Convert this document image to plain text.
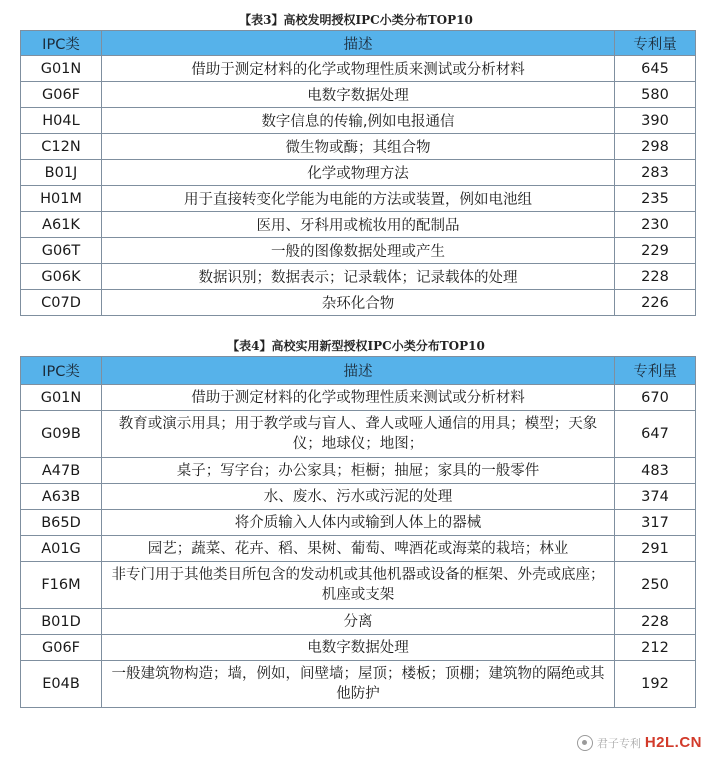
【表3】高校发明授权IPC小类分布TOP10
IPC类	描述	专利量
G01N	借助于测定材料的化学或物理性质来测试或分析材料	645
G06F	电数字数据处理	580
H04L	数字信息的传输,例如电报通信	390
C12N	微生物或酶；其组合物	298
B01J	化学或物理方法	283
H01M	用于直接转变化学能为电能的方法或装置，例如电池组	235
A61K	医用、牙科用或梳妆用的配制品	230
G06T	一般的图像数据处理或产生	229
G06K	数据识别；数据表示；记录载体；记录载体的处理	228
C07D	杂环化合物	226
【表4】高校实用新型授权IPC小类分布TOP10
IPC类	描述	专利量
G01N	借助于测定材料的化学或物理性质来测试或分析材料	670
G09B	教育或演示用具；用于教学或与盲人、聋人或哑人通信的用具；模型；天象仪；地球仪；地图；	647
A47B	桌子；写字台；办公家具；柜橱；抽屉；家具的一般零件	483
A63B	水、废水、污水或污泥的处理	374
B65D	将介质输入人体内或输到人体上的器械	317
A01G	园艺；蔬菜、花卉、稻、果树、葡萄、啤酒花或海菜的栽培；林业	291
F16M	非专门用于其他类目所包含的发动机或其他机器或设备的框架、外壳或底座；机座或支架	250
B01D	分离	228
G06F	电数字数据处理	212
E04B	一般建筑物构造；墙，例如，间壁墙；屋顶；楼板；顶棚；建筑物的隔绝或其他防护	192
君子专利 H2L.CN
